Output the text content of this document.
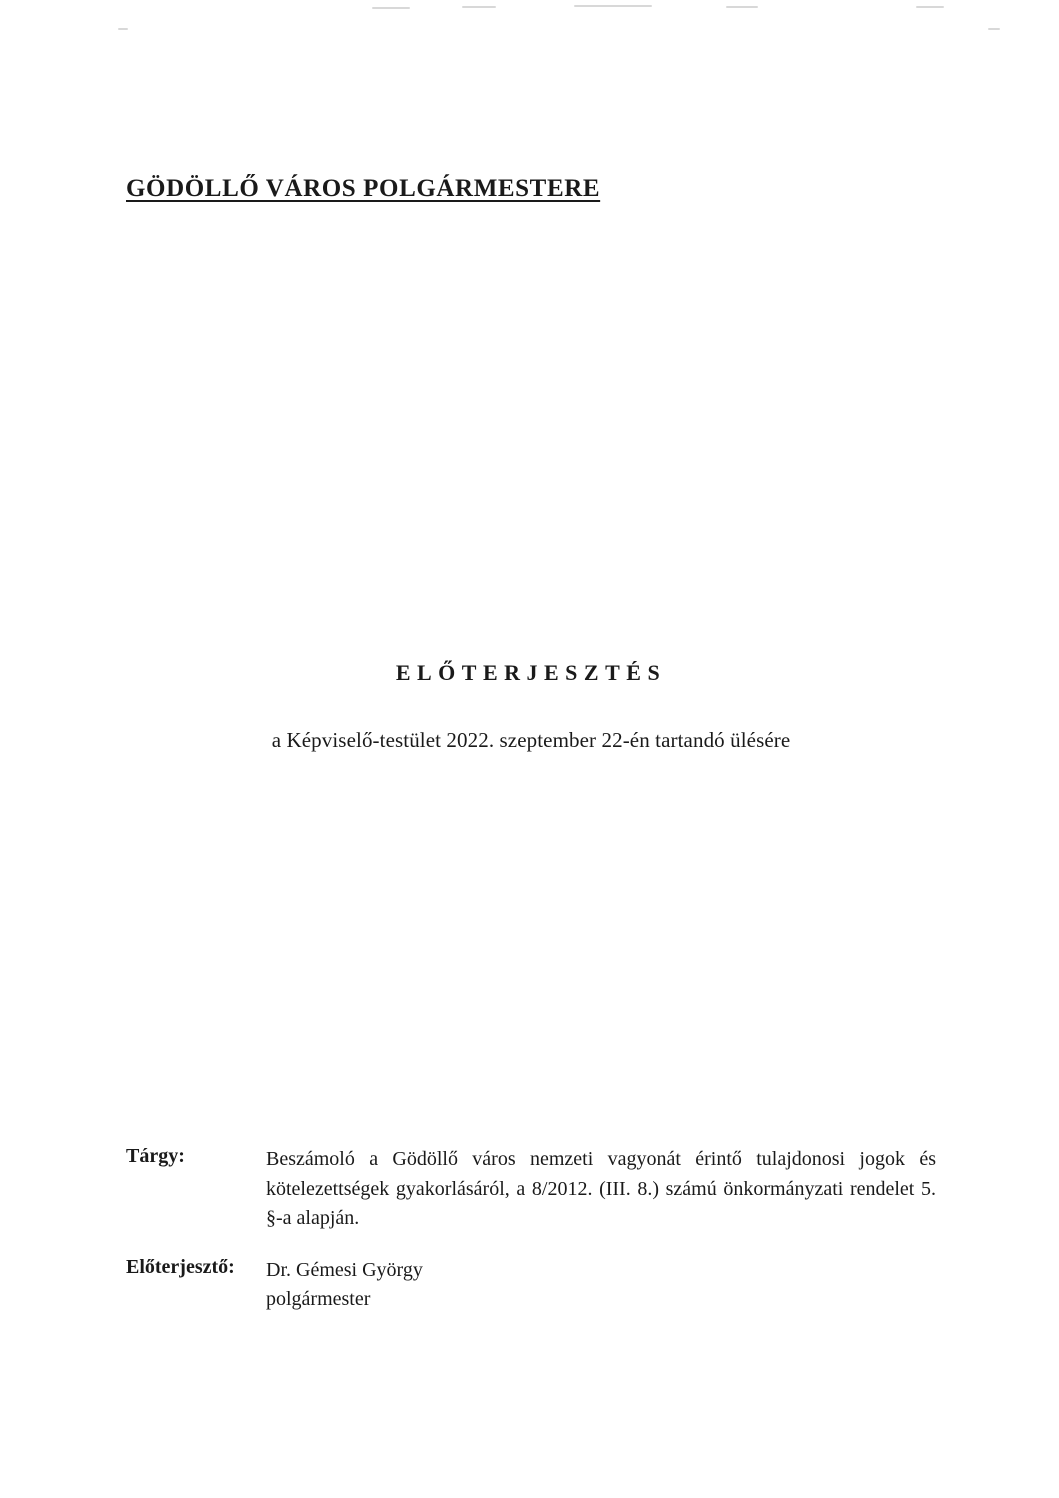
GÖDÖLLŐ VÁROS POLGÁRMESTERE
ELŐTERJESZTÉS
a Képviselő-testület 2022. szeptember 22-én tartandó ülésére
Tárgy:	Beszámoló a Gödöllő város nemzeti vagyonát érintő tulajdonosi jogok és kötelezettségek gyakorlásáról, a 8/2012. (III. 8.) számú önkormányzati rendelet 5. §-a alapján.
Előterjesztő:	Dr. Gémesi György
polgármester
